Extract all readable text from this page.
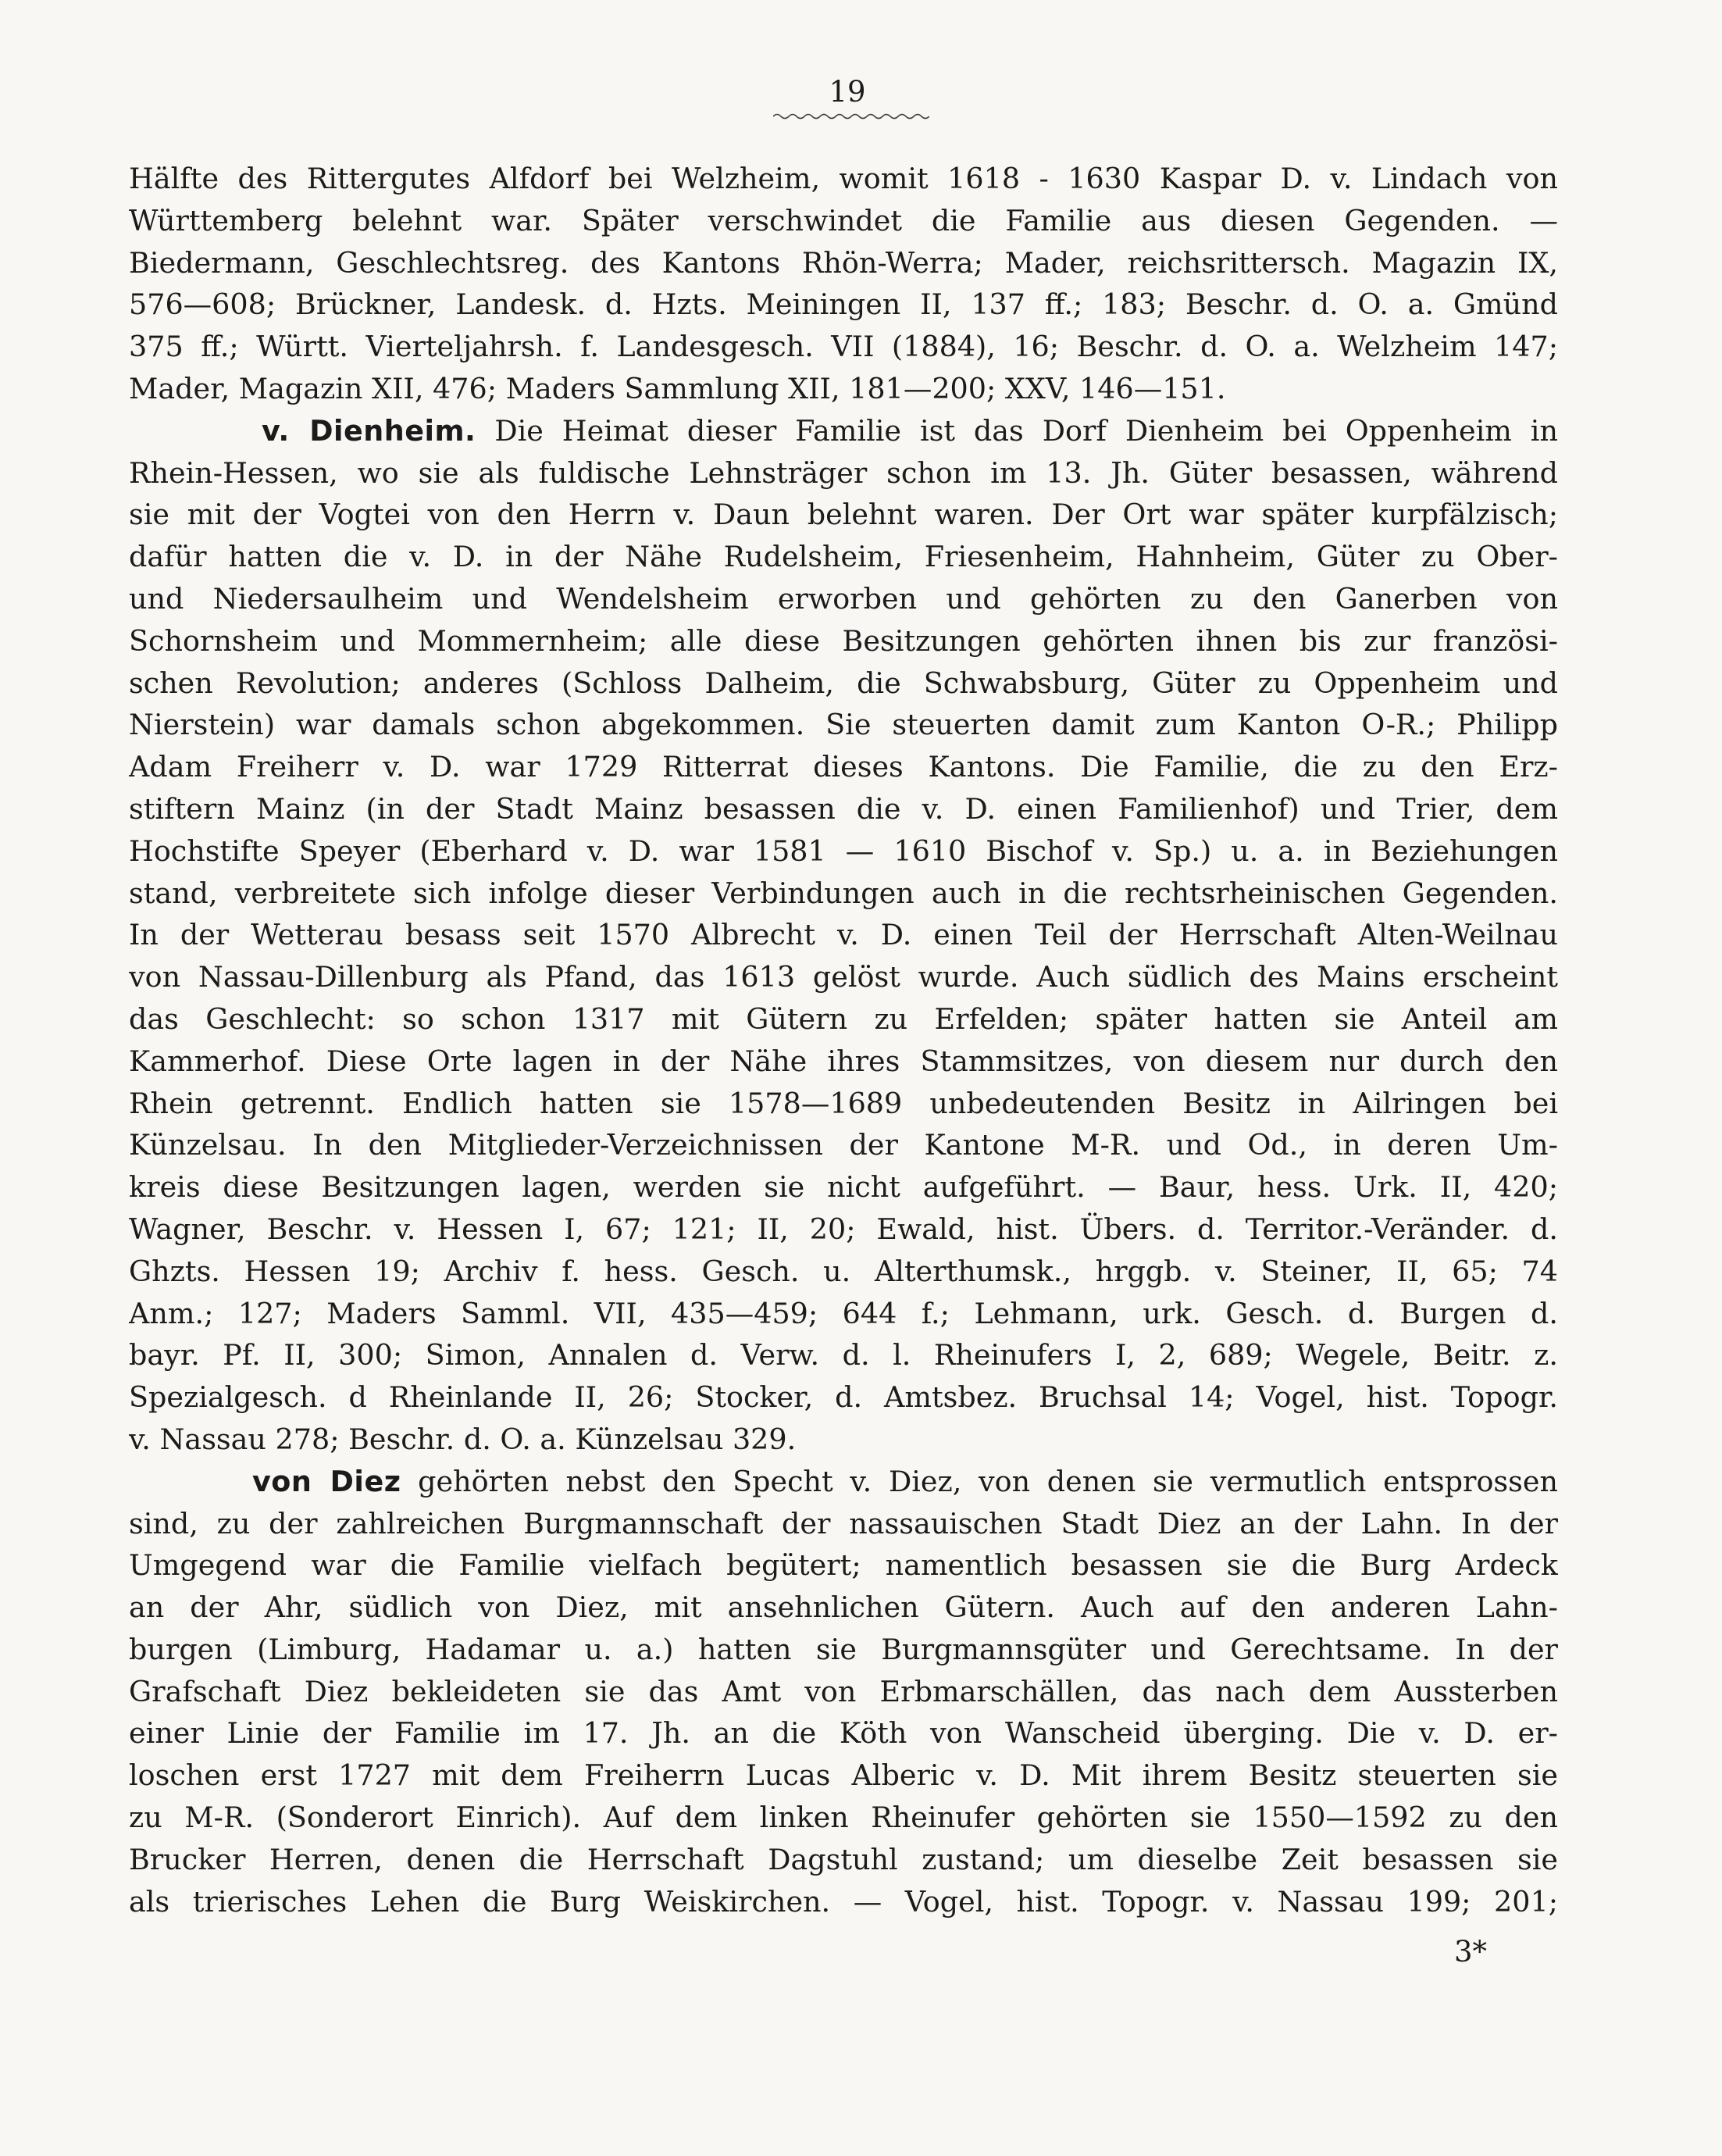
19
Hälfte des Rittergutes Alfdorf bei Welzheim, womit 1618 - 1630 Kaspar D. v. Lindach von
Württemberg belehnt war. Später verschwindet die Familie aus diesen Gegenden. —
Biedermann, Geschlechtsreg. des Kantons Rhön-Werra; Mader, reichsrittersch. Magazin IX,
576—608; Brückner, Landesk. d. Hzts. Meiningen II, 137 ff.; 183; Beschr. d. O. a. Gmünd
375 ff.; Württ. Vierteljahrsh. f. Landesgesch. VII (1884), 16; Beschr. d. O. a. Welzheim 147;
Mader, Magazin XII, 476; Maders Sammlung XII, 181—200; XXV, 146—151.
v. Dienheim. Die Heimat dieser Familie ist das Dorf Dienheim bei Oppenheim in
Rhein-Hessen, wo sie als fuldische Lehnsträger schon im 13. Jh. Güter besassen, während
sie mit der Vogtei von den Herrn v. Daun belehnt waren. Der Ort war später kurpfälzisch;
dafür hatten die v. D. in der Nähe Rudelsheim, Friesenheim, Hahnheim, Güter zu Ober-
und Niedersaulheim und Wendelsheim erworben und gehörten zu den Ganerben von
Schornsheim und Mommernheim; alle diese Besitzungen gehörten ihnen bis zur französi-
schen Revolution; anderes (Schloss Dalheim, die Schwabsburg, Güter zu Oppenheim und
Nierstein) war damals schon abgekommen. Sie steuerten damit zum Kanton O-R.; Philipp
Adam Freiherr v. D. war 1729 Ritterrat dieses Kantons. Die Familie, die zu den Erz-
stiftern Mainz (in der Stadt Mainz besassen die v. D. einen Familienhof) und Trier, dem
Hochstifte Speyer (Eberhard v. D. war 1581 — 1610 Bischof v. Sp.) u. a. in Beziehungen
stand, verbreitete sich infolge dieser Verbindungen auch in die rechtsrheinischen Gegenden.
In der Wetterau besass seit 1570 Albrecht v. D. einen Teil der Herrschaft Alten-Weilnau
von Nassau-Dillenburg als Pfand, das 1613 gelöst wurde. Auch südlich des Mains erscheint
das Geschlecht: so schon 1317 mit Gütern zu Erfelden; später hatten sie Anteil am
Kammerhof. Diese Orte lagen in der Nähe ihres Stammsitzes, von diesem nur durch den
Rhein getrennt. Endlich hatten sie 1578—1689 unbedeutenden Besitz in Ailringen bei
Künzelsau. In den Mitglieder-Verzeichnissen der Kantone M-R. und Od., in deren Um-
kreis diese Besitzungen lagen, werden sie nicht aufgeführt. — Baur, hess. Urk. II, 420;
Wagner, Beschr. v. Hessen I, 67; 121; II, 20; Ewald, hist. Übers. d. Territor.-Veränder. d.
Ghzts. Hessen 19; Archiv f. hess. Gesch. u. Alterthumsk., hrggb. v. Steiner, II, 65; 74
Anm.; 127; Maders Samml. VII, 435—459; 644 f.; Lehmann, urk. Gesch. d. Burgen d.
bayr. Pf. II, 300; Simon, Annalen d. Verw. d. l. Rheinufers I, 2, 689; Wegele, Beitr. z.
Spezialgesch. d Rheinlande II, 26; Stocker, d. Amtsbez. Bruchsal 14; Vogel, hist. Topogr.
v. Nassau 278; Beschr. d. O. a. Künzelsau 329.
von Diez gehörten nebst den Specht v. Diez, von denen sie vermutlich entsprossen
sind, zu der zahlreichen Burgmannschaft der nassauischen Stadt Diez an der Lahn. In der
Umgegend war die Familie vielfach begütert; namentlich besassen sie die Burg Ardeck
an der Ahr, südlich von Diez, mit ansehnlichen Gütern. Auch auf den anderen Lahn-
burgen (Limburg, Hadamar u. a.) hatten sie Burgmannsgüter und Gerechtsame. In der
Grafschaft Diez bekleideten sie das Amt von Erbmarschällen, das nach dem Aussterben
einer Linie der Familie im 17. Jh. an die Köth von Wanscheid überging. Die v. D. er-
loschen erst 1727 mit dem Freiherrn Lucas Alberic v. D. Mit ihrem Besitz steuerten sie
zu M-R. (Sonderort Einrich). Auf dem linken Rheinufer gehörten sie 1550—1592 zu den
Brucker Herren, denen die Herrschaft Dagstuhl zustand; um dieselbe Zeit besassen sie
als trierisches Lehen die Burg Weiskirchen. — Vogel, hist. Topogr. v. Nassau 199; 201;
3*
